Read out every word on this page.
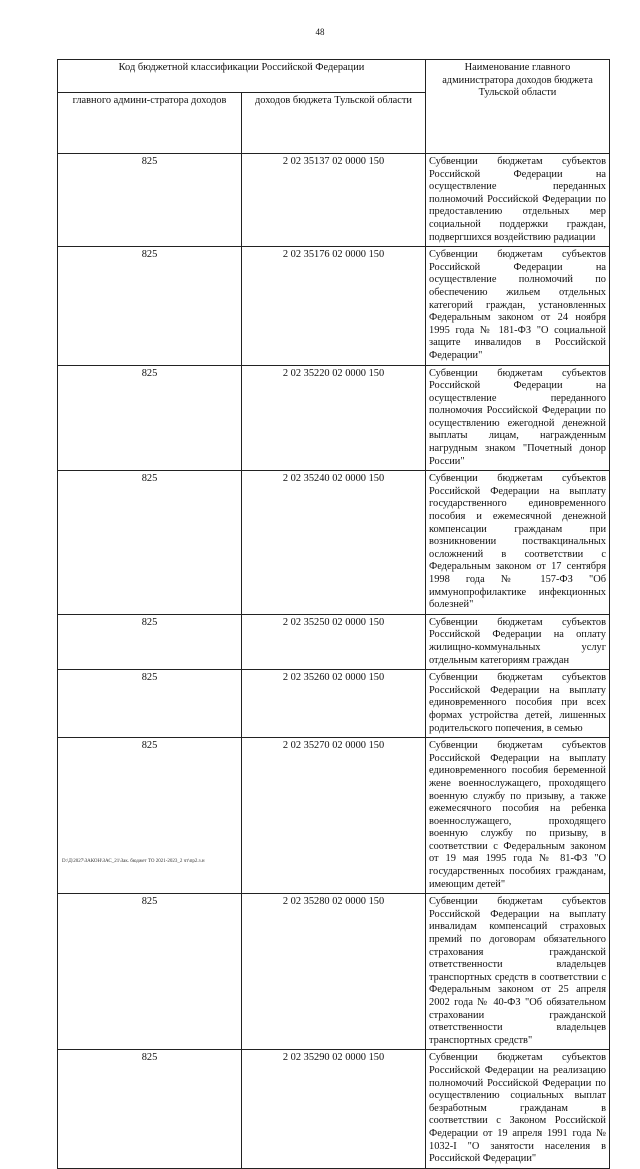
48
Код бюджетной классификации Российской Федерации		Наименование главного администратора доходов бюджета Тульской области
главного админи-стратора доходов	доходов бюджета Тульской области	
825	2 02 35137 02 0000 150	Субвенции бюджетам субъектов Российской Федерации на осуществление переданных полномочий Российской Федерации по предоставлению отдельных мер социальной поддержки граждан, подвергшихся воздействию радиации
825	2 02 35176 02 0000 150	Субвенции бюджетам субъектов Российской Федерации на осуществление полномочий по обеспечению жильем отдельных категорий граждан, установленных Федеральным законом от 24 ноября 1995 года № 181-ФЗ "О социальной защите инвалидов в Российской Федерации"
825	2 02 35220 02 0000 150	Субвенции бюджетам субъектов Российской Федерации на осуществление переданного полномочия Российской Федерации по осуществлению ежегодной денежной выплаты лицам, награжденным нагрудным знаком "Почетный донор России"
825	2 02 35240 02 0000 150	Субвенции бюджетам субъектов Российской Федерации на выплату государственного единовременного пособия и ежемесячной денежной компенсации гражданам при возникновении поствакцинальных осложнений в соответствии с Федеральным законом от 17 сентября 1998 года № 157-ФЗ "Об иммунопрофилактике инфекционных болезней"
825	2 02 35250 02 0000 150	Субвенции бюджетам субъектов Российской Федерации на оплату жилищно-коммунальных услуг отдельным категориям граждан
825	2 02 35260 02 0000 150	Субвенции бюджетам субъектов Российской Федерации на выплату единовременного пособия при всех формах устройства детей, лишенных родительского попечения, в семью
825	2 02 35270 02 0000 150	Субвенции бюджетам субъектов Российской Федерации на выплату единовременного пособия беременной жене военнослужащего, проходящего военную службу по призыву, а также ежемесячного пособия на ребенка военнослужащего, проходящего военную службу по призыву, в соответствии с Федеральным законом от 19 мая 1995 года № 81-ФЗ "О государственных пособиях гражданам, имеющим детей"
825	2 02 35280 02 0000 150	Субвенции бюджетам субъектов Российской Федерации на выплату инвалидам компенсаций страховых премий по договорам обязательного страхования гражданской ответственности владельцев транспортных средств в соответствии с Федеральным законом от 25 апреля 2002 года № 40-ФЗ "Об обязательном страховании гражданской ответственности владельцев транспортных средств"
825	2 02 35290 02 0000 150	Субвенции бюджетам субъектов Российской Федерации на реализацию полномочий Российской Федерации по осуществлению социальных выплат безработным гражданам в соответствии с Законом Российской Федерации от 19 апреля 1991 года № 1032-I "О занятости населения в Российской Федерации"
D:\Д\2027\ЗАКОН\ЗАС_21\Зак. бюджет ТО 2021-2023_2 чт\пр2.з.н
